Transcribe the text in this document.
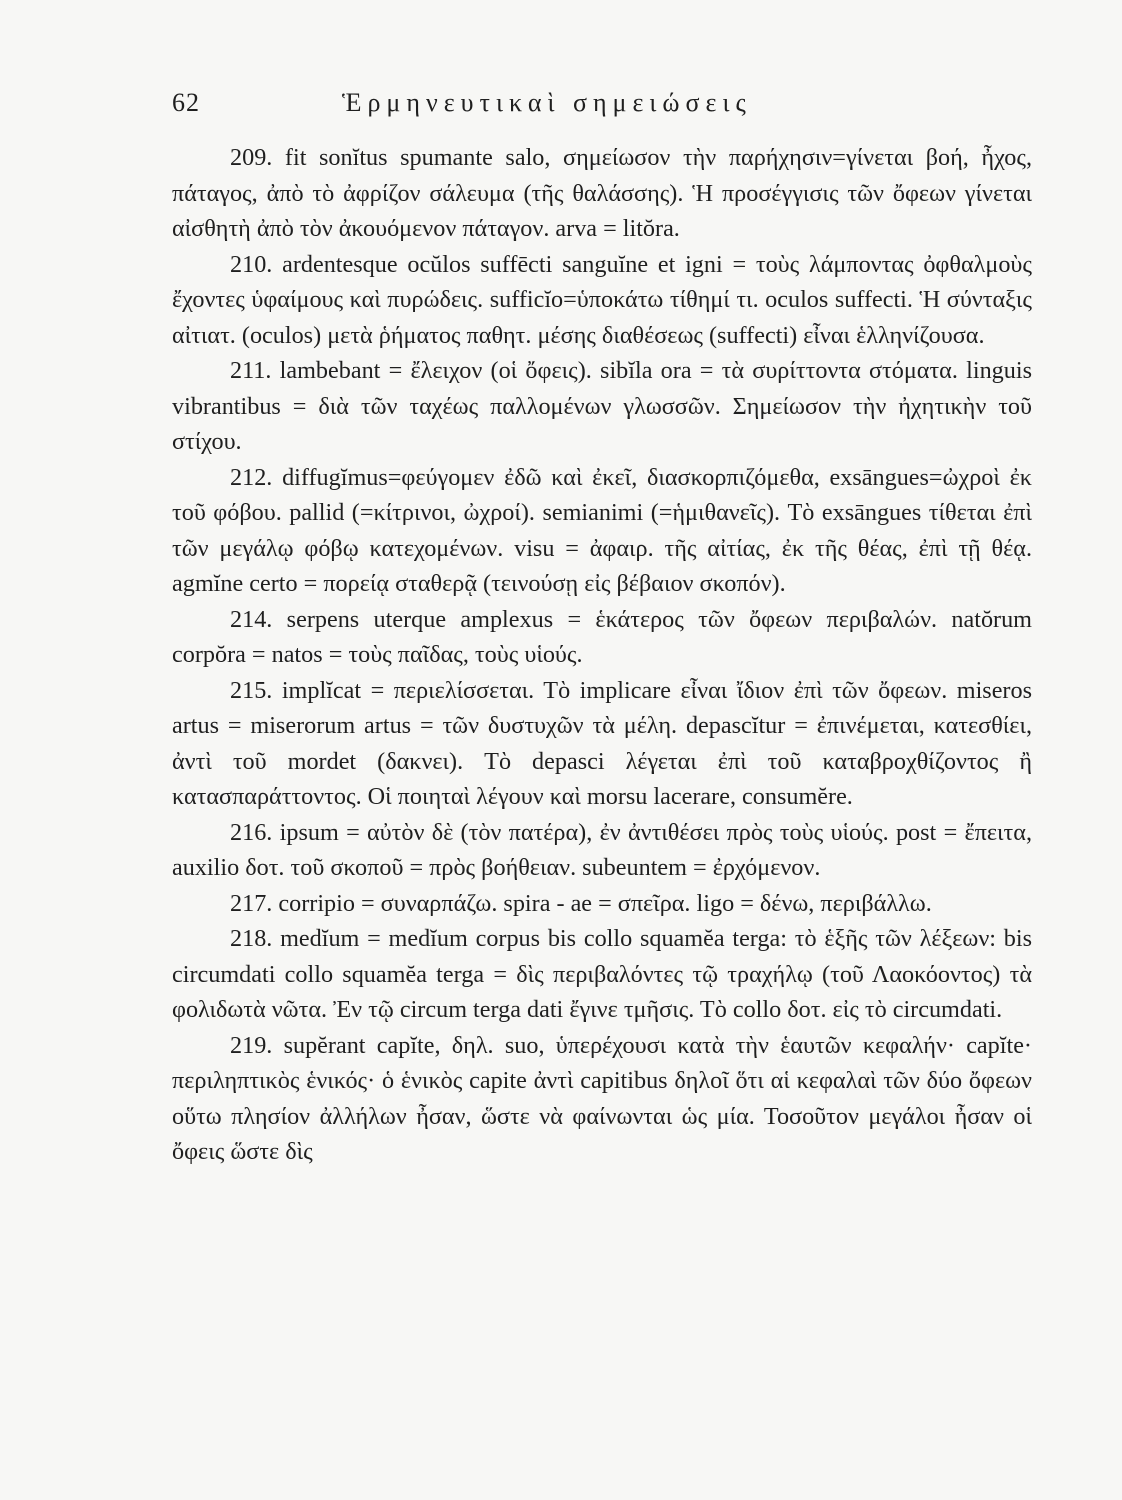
62	Ἑρμηνευτικαὶ σημειώσεις

209. fit sonĭtus spumante salo, σημείωσον τὴν παρήχησιν=γίνεται βοή, ἦχος, πάταγος, ἀπὸ τὸ ἀφρίζον σάλευμα (τῆς θαλάσσης). Ἡ προσέγγισις τῶν ὄφεων γίνεται αἰσθητὴ ἀπὸ τὸν ἀκουόμενον πάταγον. arva = litŏra.

210. ardentesque ocŭlos suffēcti sanguĭne et igni = τοὺς λάμποντας ὀφθαλμοὺς ἔχοντες ὑφαίμους καὶ πυρώδεις. sufficĭo=ὑποκάτω τίθημί τι. oculos suffecti. Ἡ σύνταξις αἰτιατ. (oculos) μετὰ ῥήματος παθητ. μέσης διαθέσεως (suffecti) εἶναι ἑλληνίζουσα.

211. lambebant = ἔλειχον (οἱ ὄφεις). sibĭla ora = τὰ συρίττοντα στόματα. linguis vibrantibus = διὰ τῶν ταχέως παλλομένων γλωσσῶν. Σημείωσον τὴν ἠχητικὴν τοῦ στίχου.

212. diffugĭmus=φεύγομεν ἐδῶ καὶ ἐκεῖ, διασκορπιζόμεθα, exsāngues=ὠχροὶ ἐκ τοῦ φόβου. pallid (=κίτρινοι, ὠχροί). semianimi (=ἡμιθανεῖς). Τὸ exsāngues τίθεται ἐπὶ τῶν μεγάλῳ φόβῳ κατεχομένων. visu = ἀφαιρ. τῆς αἰτίας, ἐκ τῆς θέας, ἐπὶ τῇ θέᾳ. agmĭne certo = πορείᾳ σταθερᾷ (τεινούσῃ εἰς βέβαιον σκοπόν).

214. serpens uterque amplexus = ἑκάτερος τῶν ὄφεων περιβαλών. natŏrum corpŏra = natos = τοὺς παῖδας, τοὺς υἱούς.

215. implĭcat = περιελίσσεται. Τὸ implicare εἶναι ἴδιον ἐπὶ τῶν ὄφεων. miseros artus = miserorum artus = τῶν δυστυχῶν τὰ μέλη. depascĭtur = ἐπινέμεται, κατεσθίει, ἀντὶ τοῦ mordet (δακνει). Τὸ depasci λέγεται ἐπὶ τοῦ καταβροχθίζοντος ἢ κατασπαράττοντος. Οἱ ποιηταὶ λέγουν καὶ morsu lacerare, consumĕre.

216. ipsum = αὐτὸν δὲ (τὸν πατέρα), ἐν ἀντιθέσει πρὸς τοὺς υἱούς. post = ἔπειτα, auxilio δοτ. τοῦ σκοποῦ = πρὸς βοήθειαν. subeuntem = ἐρχόμενον.

217. corripio = συναρπάζω. spira - ae = σπεῖρα. ligo = δένω, περιβάλλω.

218. medĭum = medĭum corpus bis collo squamĕa terga: τὸ ἑξῆς τῶν λέξεων: bis circumdati collo squamĕa terga = δὶς περιβαλόντες τῷ τραχήλῳ (τοῦ Λαοκόοντος) τὰ φολιδωτὰ νῶτα. Ἐν τῷ circum terga dati ἔγινε τμῆσις. Τὸ collo δοτ. εἰς τὸ circumdati.

219. supĕrant capĭte, δηλ. suo, ὑπερέχουσι κατὰ τὴν ἑαυτῶν κεφαλήν· capĭte· περιληπτικὸς ἑνικός· ὁ ἑνικὸς capite ἀντὶ capitibus δηλοῖ ὅτι αἱ κεφαλαὶ τῶν δύο ὄφεων οὕτω πλησίον ἀλλήλων ἦσαν, ὥστε νὰ φαίνωνται ὡς μία. Τοσοῦτον μεγάλοι ἦσαν οἱ ὄφεις ὥστε δὶς
